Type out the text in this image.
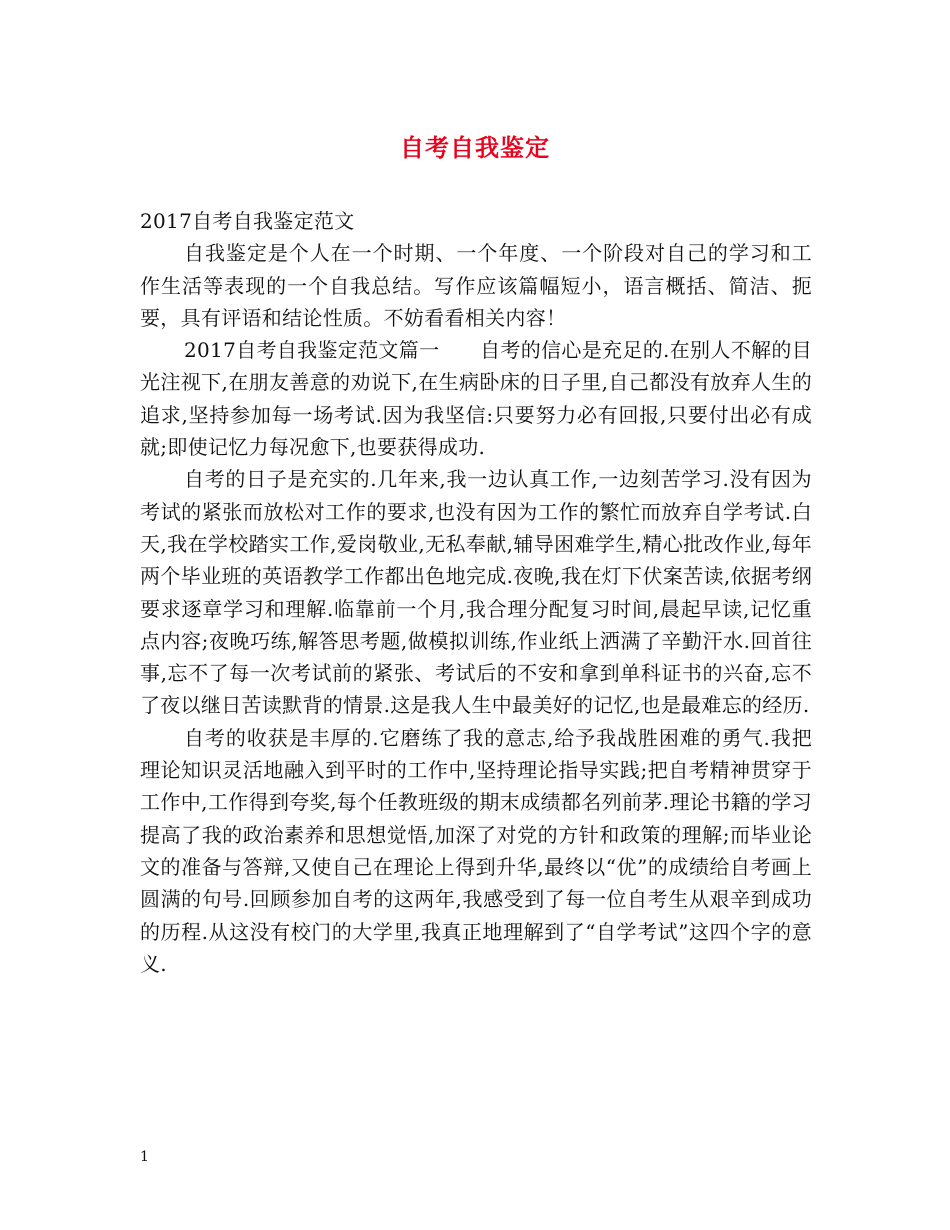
自考自我鉴定

2017自考自我鉴定范文

自我鉴定是个人在一个时期、一个年度、一个阶段对自己的学习和工作生活等表现的一个自我总结。写作应该篇幅短小，语言概括、简洁、扼要，具有评语和结论性质。不妨看看相关内容！

2017自考自我鉴定范文篇一　　自考的信心是充足的.在别人不解的目光注视下,在朋友善意的劝说下,在生病卧床的日子里,自己都没有放弃人生的追求,坚持参加每一场考试.因为我坚信:只要努力必有回报,只要付出必有成就;即使记忆力每况愈下,也要获得成功.

自考的日子是充实的.几年来,我一边认真工作,一边刻苦学习.没有因为考试的紧张而放松对工作的要求,也没有因为工作的繁忙而放弃自学考试.白天,我在学校踏实工作,爱岗敬业,无私奉献,辅导困难学生,精心批改作业,每年两个毕业班的英语教学工作都出色地完成.夜晚,我在灯下伏案苦读,依据考纲要求逐章学习和理解.临靠前一个月,我合理分配复习时间,晨起早读,记忆重点内容;夜晚巧练,解答思考题,做模拟训练,作业纸上洒满了辛勤汗水.回首往事,忘不了每一次考试前的紧张、考试后的不安和拿到单科证书的兴奋,忘不了夜以继日苦读默背的情景.这是我人生中最美好的记忆,也是最难忘的经历.

自考的收获是丰厚的.它磨练了我的意志,给予我战胜困难的勇气.我把理论知识灵活地融入到平时的工作中,坚持理论指导实践;把自考精神贯穿于工作中,工作得到夸奖,每个任教班级的期末成绩都名列前茅.理论书籍的学习提高了我的政治素养和思想觉悟,加深了对党的方针和政策的理解;而毕业论文的准备与答辩,又使自己在理论上得到升华,最终以“优”的成绩给自考画上圆满的句号.回顾参加自考的这两年,我感受到了每一位自考生从艰辛到成功的历程.从这没有校门的大学里,我真正地理解到了“自学考试”这四个字的意义.

1
